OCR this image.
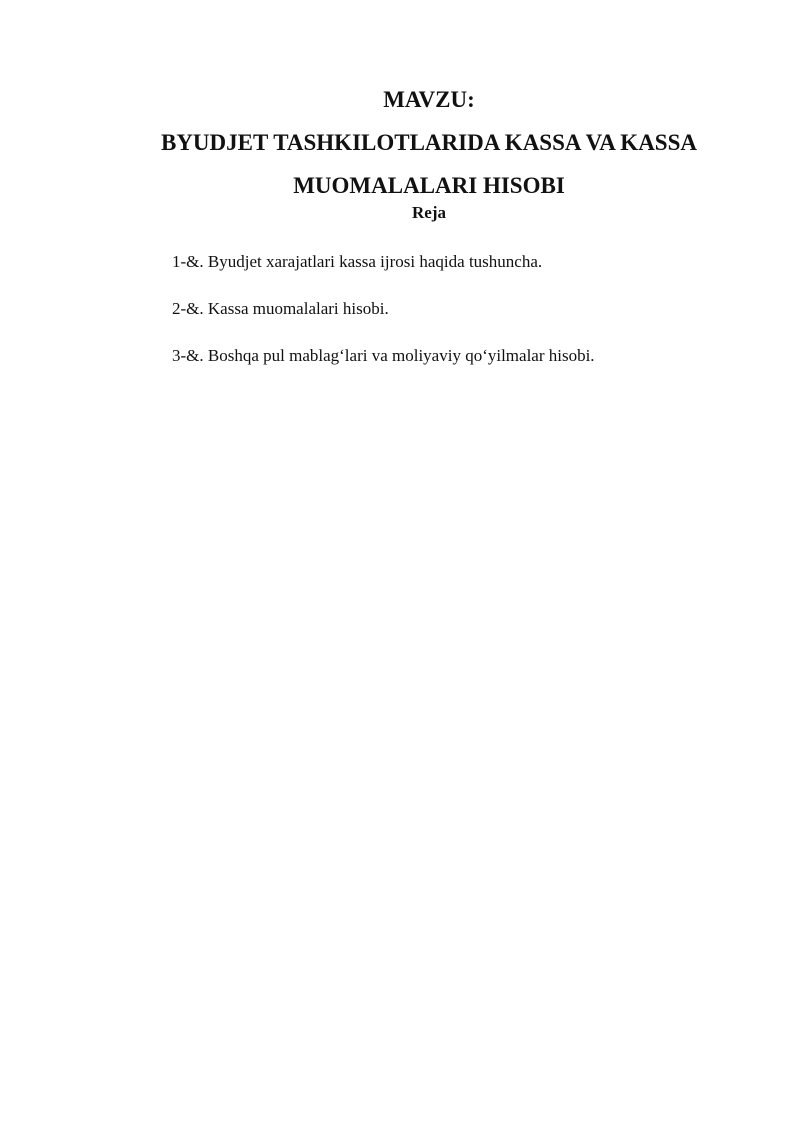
MAVZU:

BYUDJET TASHKILOTLARIDA KASSA VA KASSA

MUOMALALARI HISOBI

Reja
1-&. Byudjet xarajatlari kassa ijrosi haqida tushuncha.
2-&. Kassa muomalalari hisobi.
3-&. Boshqa pul mablag‘lari va moliyaviy qo‘yilmalar hisobi.
